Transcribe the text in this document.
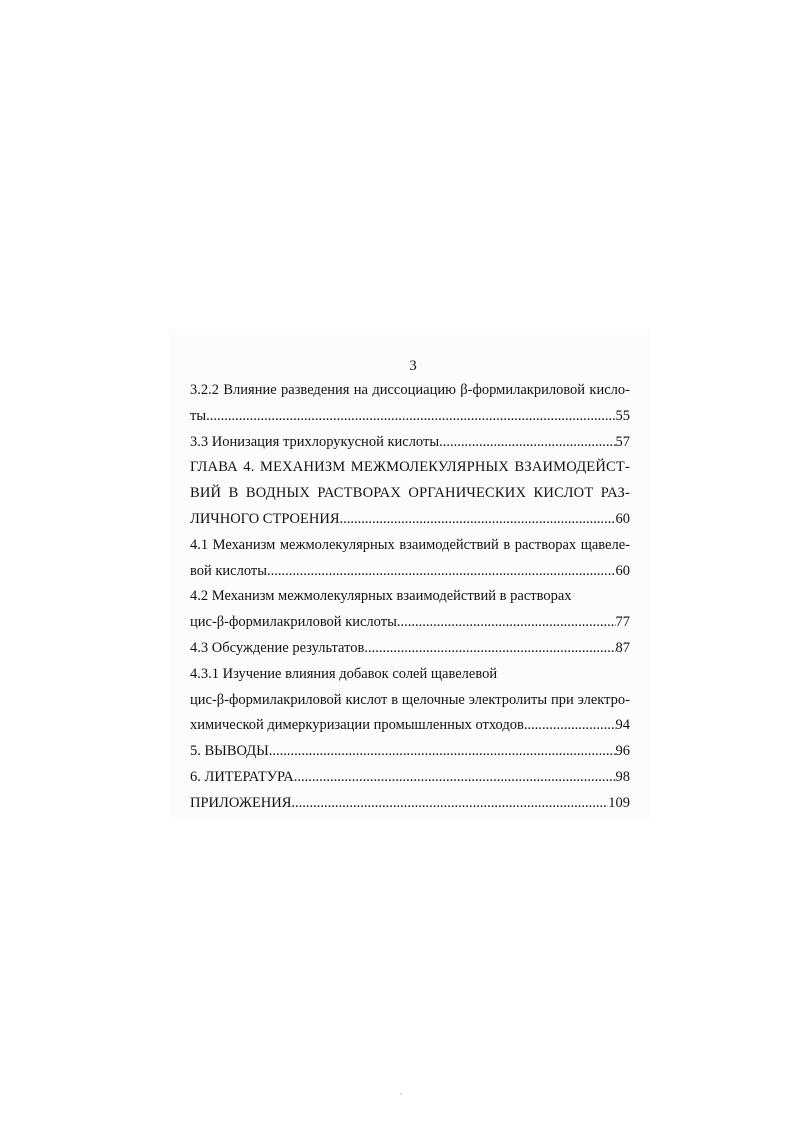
3
3.2.2 Влияние разведения на диссоциацию β-формилакриловой кисло-
ты .....	55
3.3 Ионизация трихлорукусной кислоты .....	57
ГЛАВА 4. МЕХАНИЗМ МЕЖМОЛЕКУЛЯРНЫХ ВЗАИМОДЕЙСТ-
ВИЙ В ВОДНЫХ РАСТВОРАХ ОРГАНИЧЕСКИХ КИСЛОТ РАЗ-
ЛИЧНОГО СТРОЕНИЯ .....	60
4.1 Механизм межмолекулярных взаимодействий в растворах щавеле-
вой кислоты .....	60
4.2 Механизм межмолекулярных взаимодействий в растворах
цис-β-формилакриловой кислоты .....	77
4.3 Обсуждение результатов .....	87
4.3.1 Изучение влияния добавок солей щавелевой
цис-β-формилакриловой кислот в щелочные электролиты при электро-
химической димеркуризации промышленных отходов .....	94
5. ВЫВОДЫ .....	96
6. ЛИТЕРАТУРА .....	98
ПРИЛОЖЕНИЯ .....	109
